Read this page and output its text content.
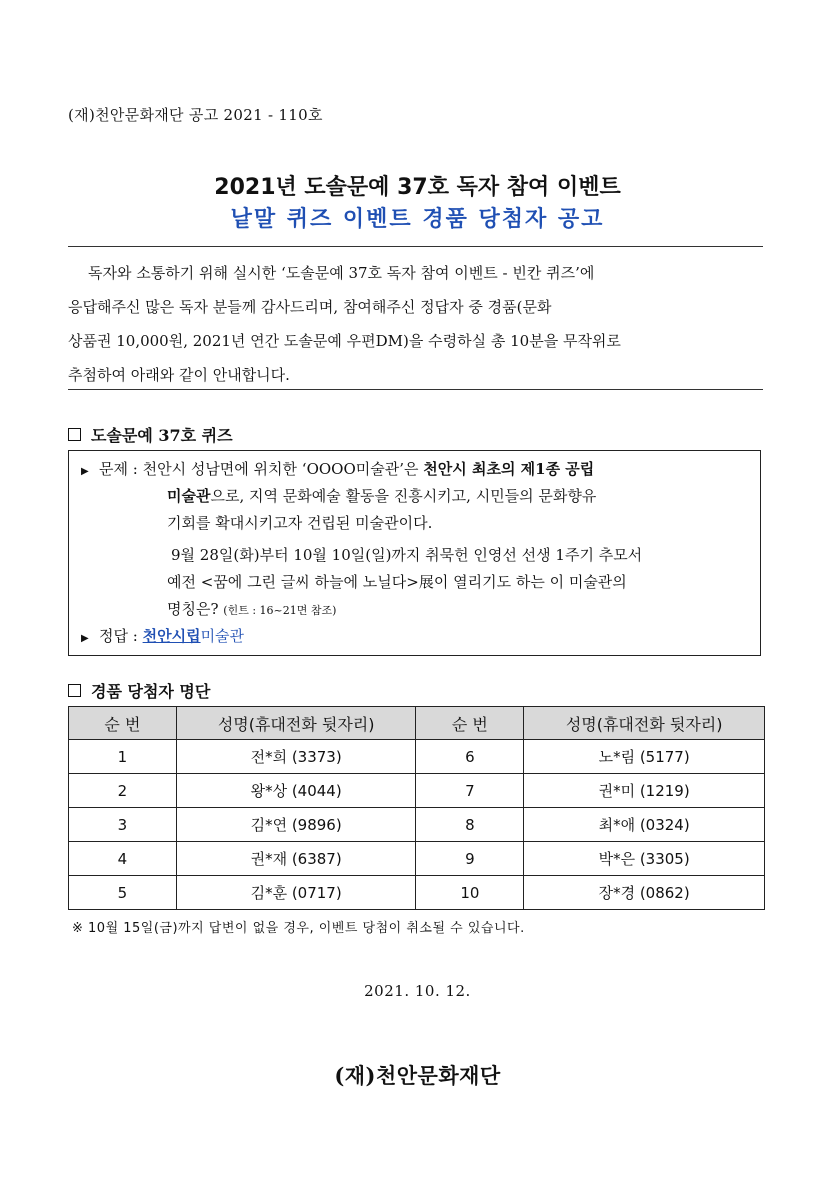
(재)천안문화재단 공고 2021 - 110호
2021년 도솔문예 37호 독자 참여 이벤트
낱말 퀴즈 이벤트 경품 당첨자 공고
독자와 소통하기 위해 실시한 ‘도솔문예 37호 독자 참여 이벤트 - 빈칸 퀴즈’에
응답해주신 많은 독자 분들께 감사드리며, 참여해주신 정답자 중 경품(문화
상품권 10,000원, 2021년 연간 도솔문예 우편DM)을 수령하실 총 10분을 무작위로
추첨하여 아래와 같이 안내합니다.
도솔문예 37호 퀴즈
▶ 문제 : 천안시 성남면에 위치한 ‘OOOO미술관’은 천안시 최초의 제1종 공립
미술관으로, 지역 문화예술 활동을 진흥시키고, 시민들의 문화향유
기회를 확대시키고자 건립된 미술관이다.
9월 28일(화)부터 10월 10일(일)까지 취묵헌 인영선 선생 1주기 추모서
예전 <꿈에 그린 글씨 하늘에 노닐다>展이 열리기도 하는 이 미술관의
명칭은? (힌트 : 16~21면 참조)
▶ 정답 : 천안시립미술관
경품 당첨자 명단
순 번	성명(휴대전화 뒷자리)	순 번	성명(휴대전화 뒷자리)
1	전*희 (3373)	6	노*림 (5177)
2	왕*상 (4044)	7	권*미 (1219)
3	김*연 (9896)	8	최*애 (0324)
4	권*재 (6387)	9	박*은 (3305)
5	김*훈 (0717)	10	장*경 (0862)
※ 10월 15일(금)까지 답변이 없을 경우, 이벤트 당첨이 취소될 수 있습니다.
2021. 10. 12.
(재)천안문화재단
